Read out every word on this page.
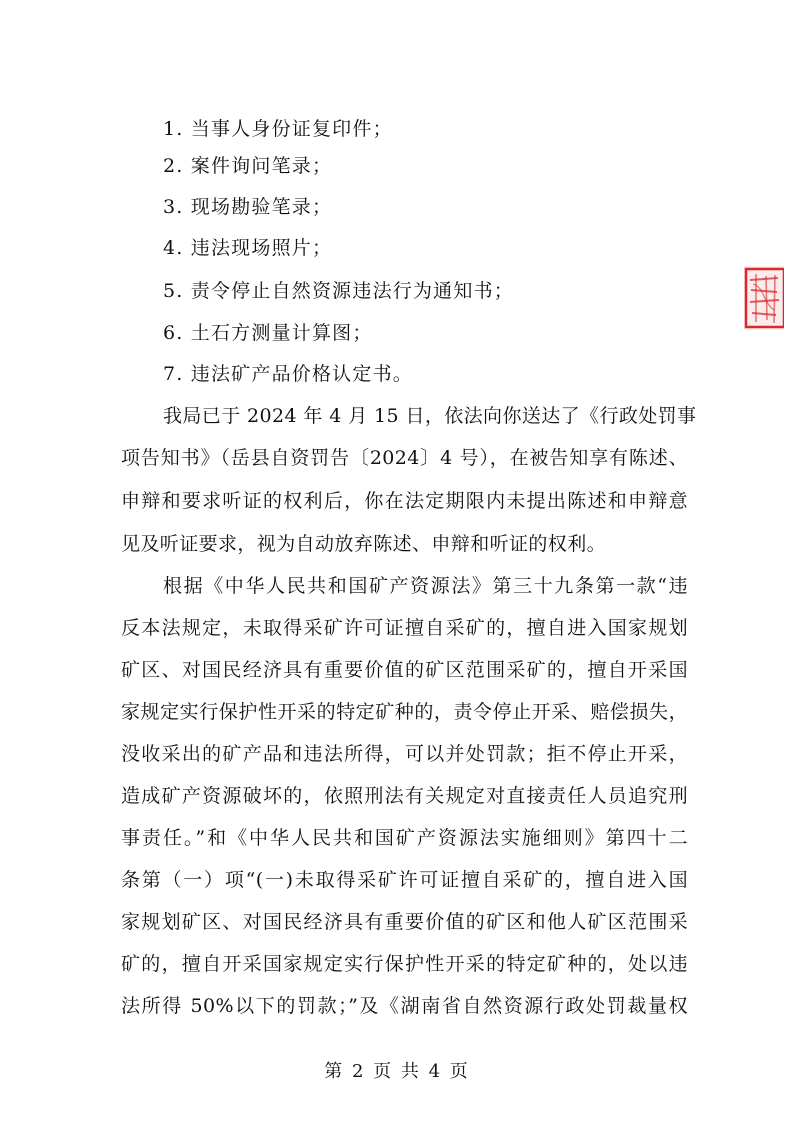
1. 当事人身份证复印件；
2. 案件询问笔录；
3. 现场勘验笔录；
4. 违法现场照片；
5. 责令停止自然资源违法行为通知书；
6. 土石方测量计算图；
7. 违法矿产品价格认定书。
我局已于 2024 年 4 月 15 日，依法向你送达了《行政处罚事
项告知书》（岳县自资罚告〔2024〕4 号），在被告知享有陈述、
申辩和要求听证的权利后，你在法定期限内未提出陈述和申辩意
见及听证要求，视为自动放弃陈述、申辩和听证的权利。
根据《中华人民共和国矿产资源法》第三十九条第一款“违
反本法规定，未取得采矿许可证擅自采矿的，擅自进入国家规划
矿区、对国民经济具有重要价值的矿区范围采矿的，擅自开采国
家规定实行保护性开采的特定矿种的，责令停止开采、赔偿损失，
没收采出的矿产品和违法所得，可以并处罚款；拒不停止开采，
造成矿产资源破坏的，依照刑法有关规定对直接责任人员追究刑
事责任。”和《中华人民共和国矿产资源法实施细则》第四十二
条第（一）项“(一)未取得采矿许可证擅自采矿的，擅自进入国
家规划矿区、对国民经济具有重要价值的矿区和他人矿区范围采
矿的，擅自开采国家规定实行保护性开采的特定矿种的，处以违
法所得 50%以下的罚款；”及《湖南省自然资源行政处罚裁量权
第 2 页 共 4 页
